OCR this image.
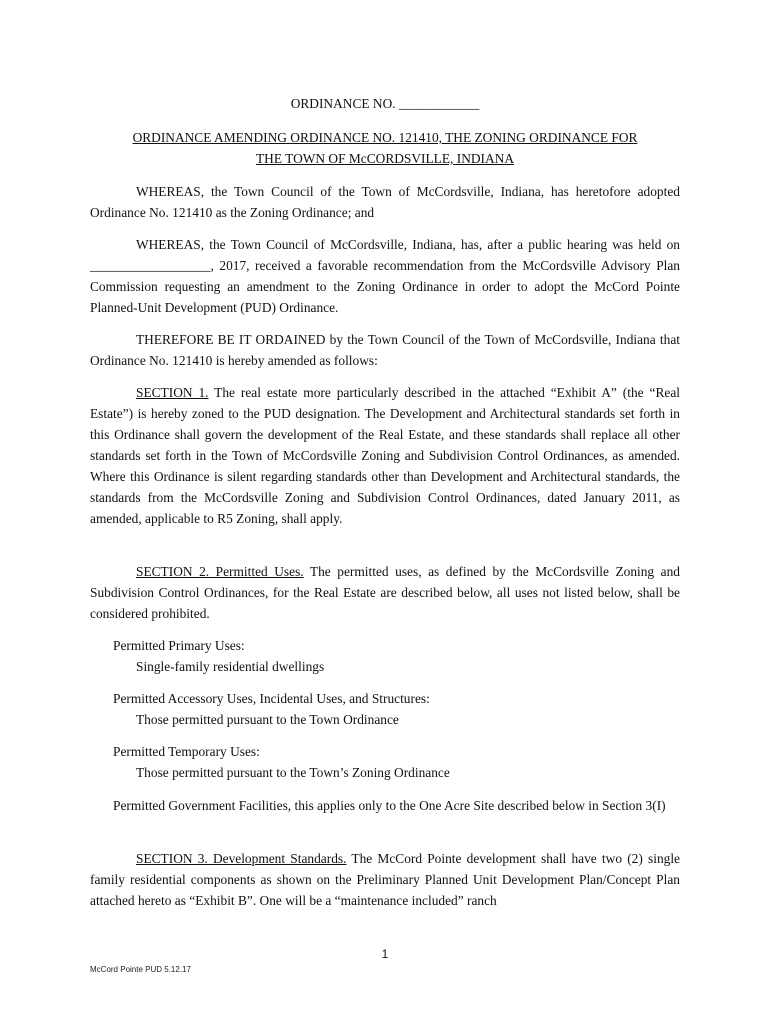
ORDINANCE NO. ____________
ORDINANCE AMENDING ORDINANCE NO. 121410, THE ZONING ORDINANCE FOR
THE TOWN OF McCORDSVILLE, INDIANA
WHEREAS, the Town Council of the Town of McCordsville, Indiana, has heretofore adopted Ordinance No. 121410 as the Zoning Ordinance; and
WHEREAS, the Town Council of McCordsville, Indiana, has, after a public hearing was held on __________________, 2017, received a favorable recommendation from the McCordsville Advisory Plan Commission requesting an amendment to the Zoning Ordinance in order to adopt the McCord Pointe Planned-Unit Development (PUD) Ordinance.
THEREFORE BE IT ORDAINED by the Town Council of the Town of McCordsville, Indiana that Ordinance No. 121410 is hereby amended as follows:
SECTION 1. The real estate more particularly described in the attached “Exhibit A” (the “Real Estate”) is hereby zoned to the PUD designation. The Development and Architectural standards set forth in this Ordinance shall govern the development of the Real Estate, and these standards shall replace all other standards set forth in the Town of McCordsville Zoning and Subdivision Control Ordinances, as amended. Where this Ordinance is silent regarding standards other than Development and Architectural standards, the standards from the McCordsville Zoning and Subdivision Control Ordinances, dated January 2011, as amended, applicable to R5 Zoning, shall apply.
SECTION 2. Permitted Uses. The permitted uses, as defined by the McCordsville Zoning and Subdivision Control Ordinances, for the Real Estate are described below, all uses not listed below, shall be considered prohibited.
Permitted Primary Uses:
Single-family residential dwellings
Permitted Accessory Uses, Incidental Uses, and Structures:
Those permitted pursuant to the Town Ordinance
Permitted Temporary Uses:
Those permitted pursuant to the Town’s Zoning Ordinance
Permitted Government Facilities, this applies only to the One Acre Site described below in Section 3(I)
SECTION 3. Development Standards. The McCord Pointe development shall have two (2) single family residential components as shown on the Preliminary Planned Unit Development Plan/Concept Plan attached hereto as “Exhibit B”. One will be a “maintenance included” ranch
1
McCord Pointe PUD 5.12.17
